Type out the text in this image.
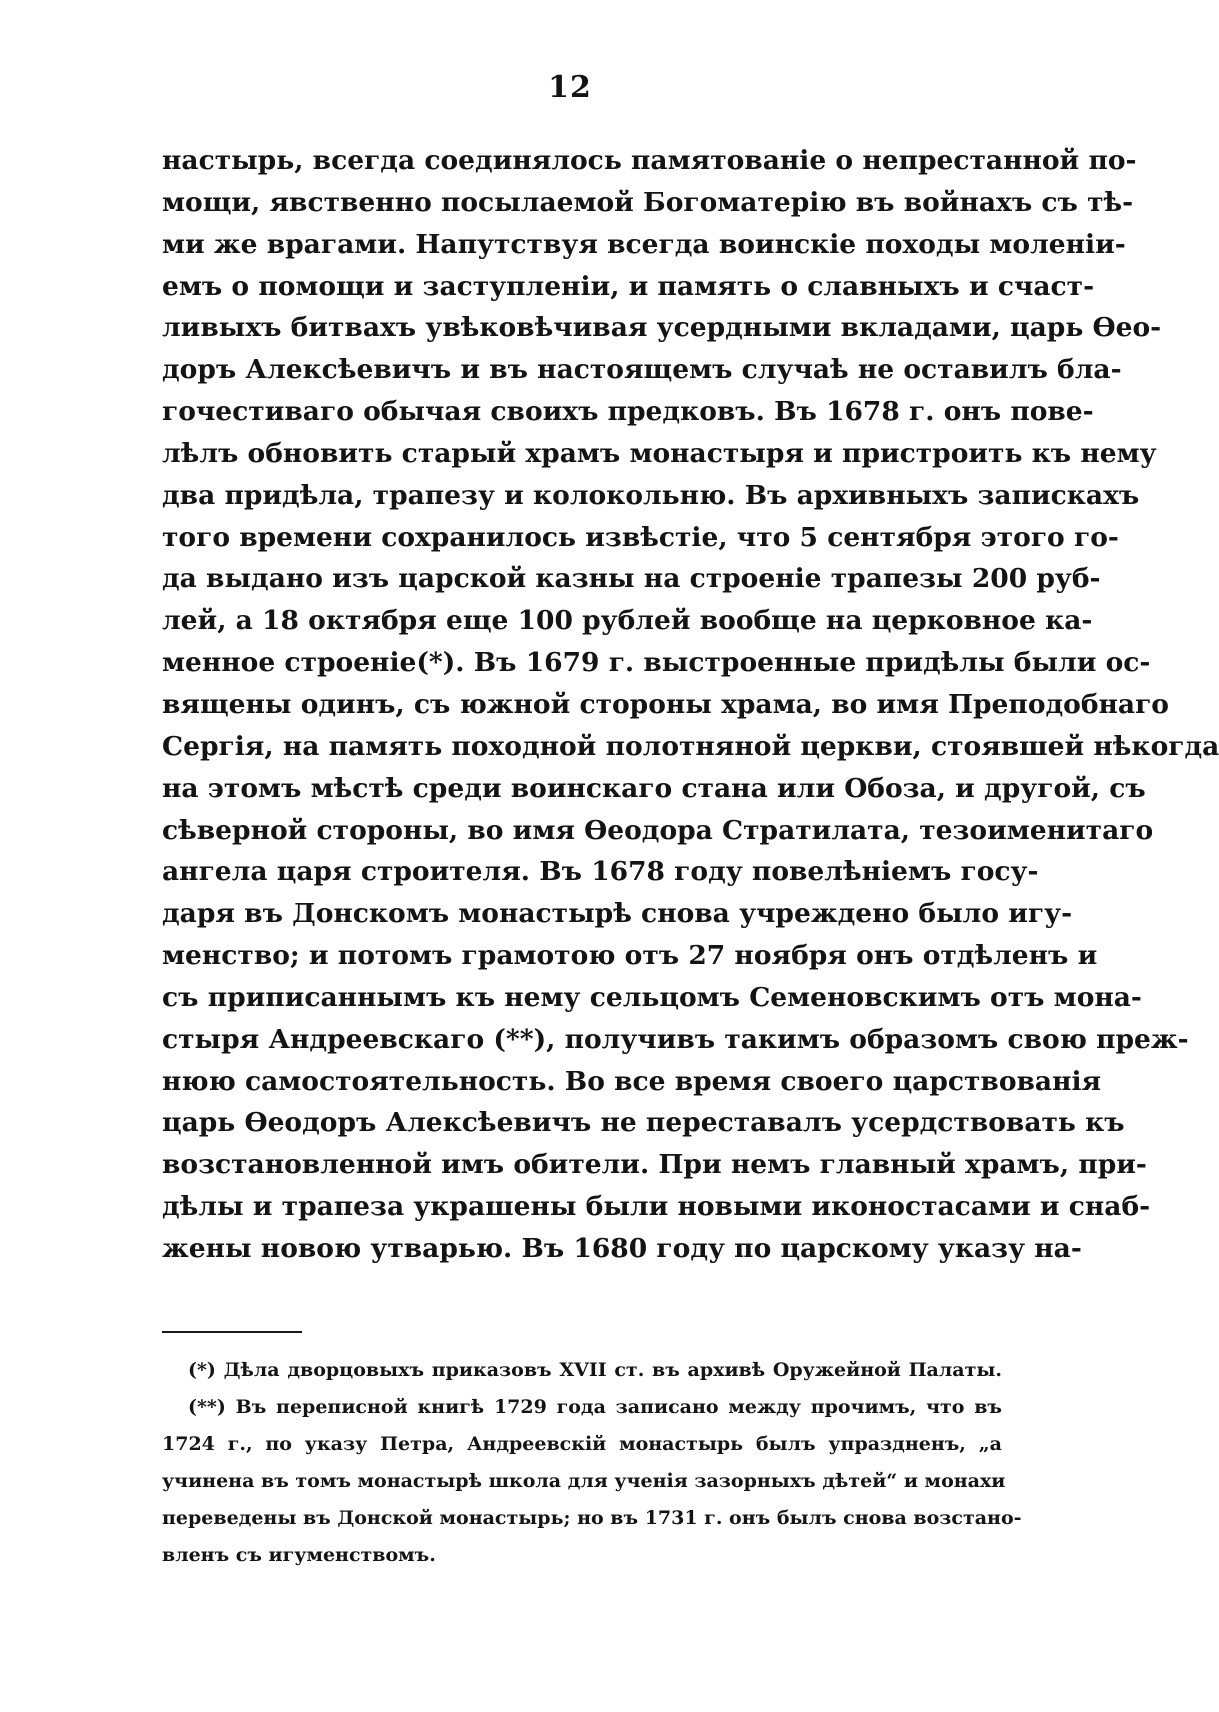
12
настырь, всегда соединялось памятованіе о непрестанной по-
мощи, явственно посылаемой Богоматерію въ войнахъ съ тѣ-
ми же врагами. Напутствуя всегда воинскіе походы моленіи-
емъ о помощи и заступленіи, и память о славныхъ и счаст-
ливыхъ битвахъ увѣковѣчивая усердными вкладами, царь Ѳео-
доръ Алексѣевичъ и въ настоящемъ случаѣ не оставилъ бла-
гочестиваго обычая своихъ предковъ. Въ 1678 г. онъ пове-
лѣлъ обновить старый храмъ монастыря и пристроить къ нему
два придѣла, трапезу и колокольню. Въ архивныхъ запискахъ
того времени сохранилось извѣстіе, что 5 сентября этого го-
да выдано изъ царской казны на строеніе трапезы 200 руб-
лей, а 18 октября еще 100 рублей вообще на церковное ка-
менное строеніе(*). Въ 1679 г. выстроенные придѣлы были ос-
вящены одинъ, съ южной стороны храма, во имя Преподобнаго
Сергія, на память походной полотняной церкви, стоявшей нѣкогда
на этомъ мѣстѣ среди воинскаго стана или Обоза, и другой, съ
сѣверной стороны, во имя Ѳеодора Стратилата, тезоименитаго
ангела царя строителя. Въ 1678 году повелѣніемъ госу-
даря въ Донскомъ монастырѣ снова учреждено было игу-
менство; и потомъ грамотою отъ 27 ноября онъ отдѣленъ и
съ приписаннымъ къ нему сельцомъ Семеновскимъ отъ мона-
стыря Андреевскаго (**), получивъ такимъ образомъ свою преж-
нюю самостоятельность. Во все время своего царствованія
царь Ѳеодоръ Алексѣевичъ не переставалъ усердствовать къ
возстановленной имъ обители. При немъ главный храмъ, при-
дѣлы и трапеза украшены были новыми иконостасами и снаб-
жены новою утварью. Въ 1680 году по царскому указу на-
(*) Дѣла дворцовыхъ приказовъ XVII ст. въ архивѣ Оружейной Палаты.
(**) Въ переписной книгѣ 1729 года записано между прочимъ, что въ
1724 г., по указу Петра, Андреевскій монастырь былъ упраздненъ, „а
учинена въ томъ монастырѣ школа для ученія зазорныхъ дѣтей“ и монахи
переведены въ Донской монастырь; но въ 1731 г. онъ былъ снова возстано-
вленъ съ игуменствомъ.
